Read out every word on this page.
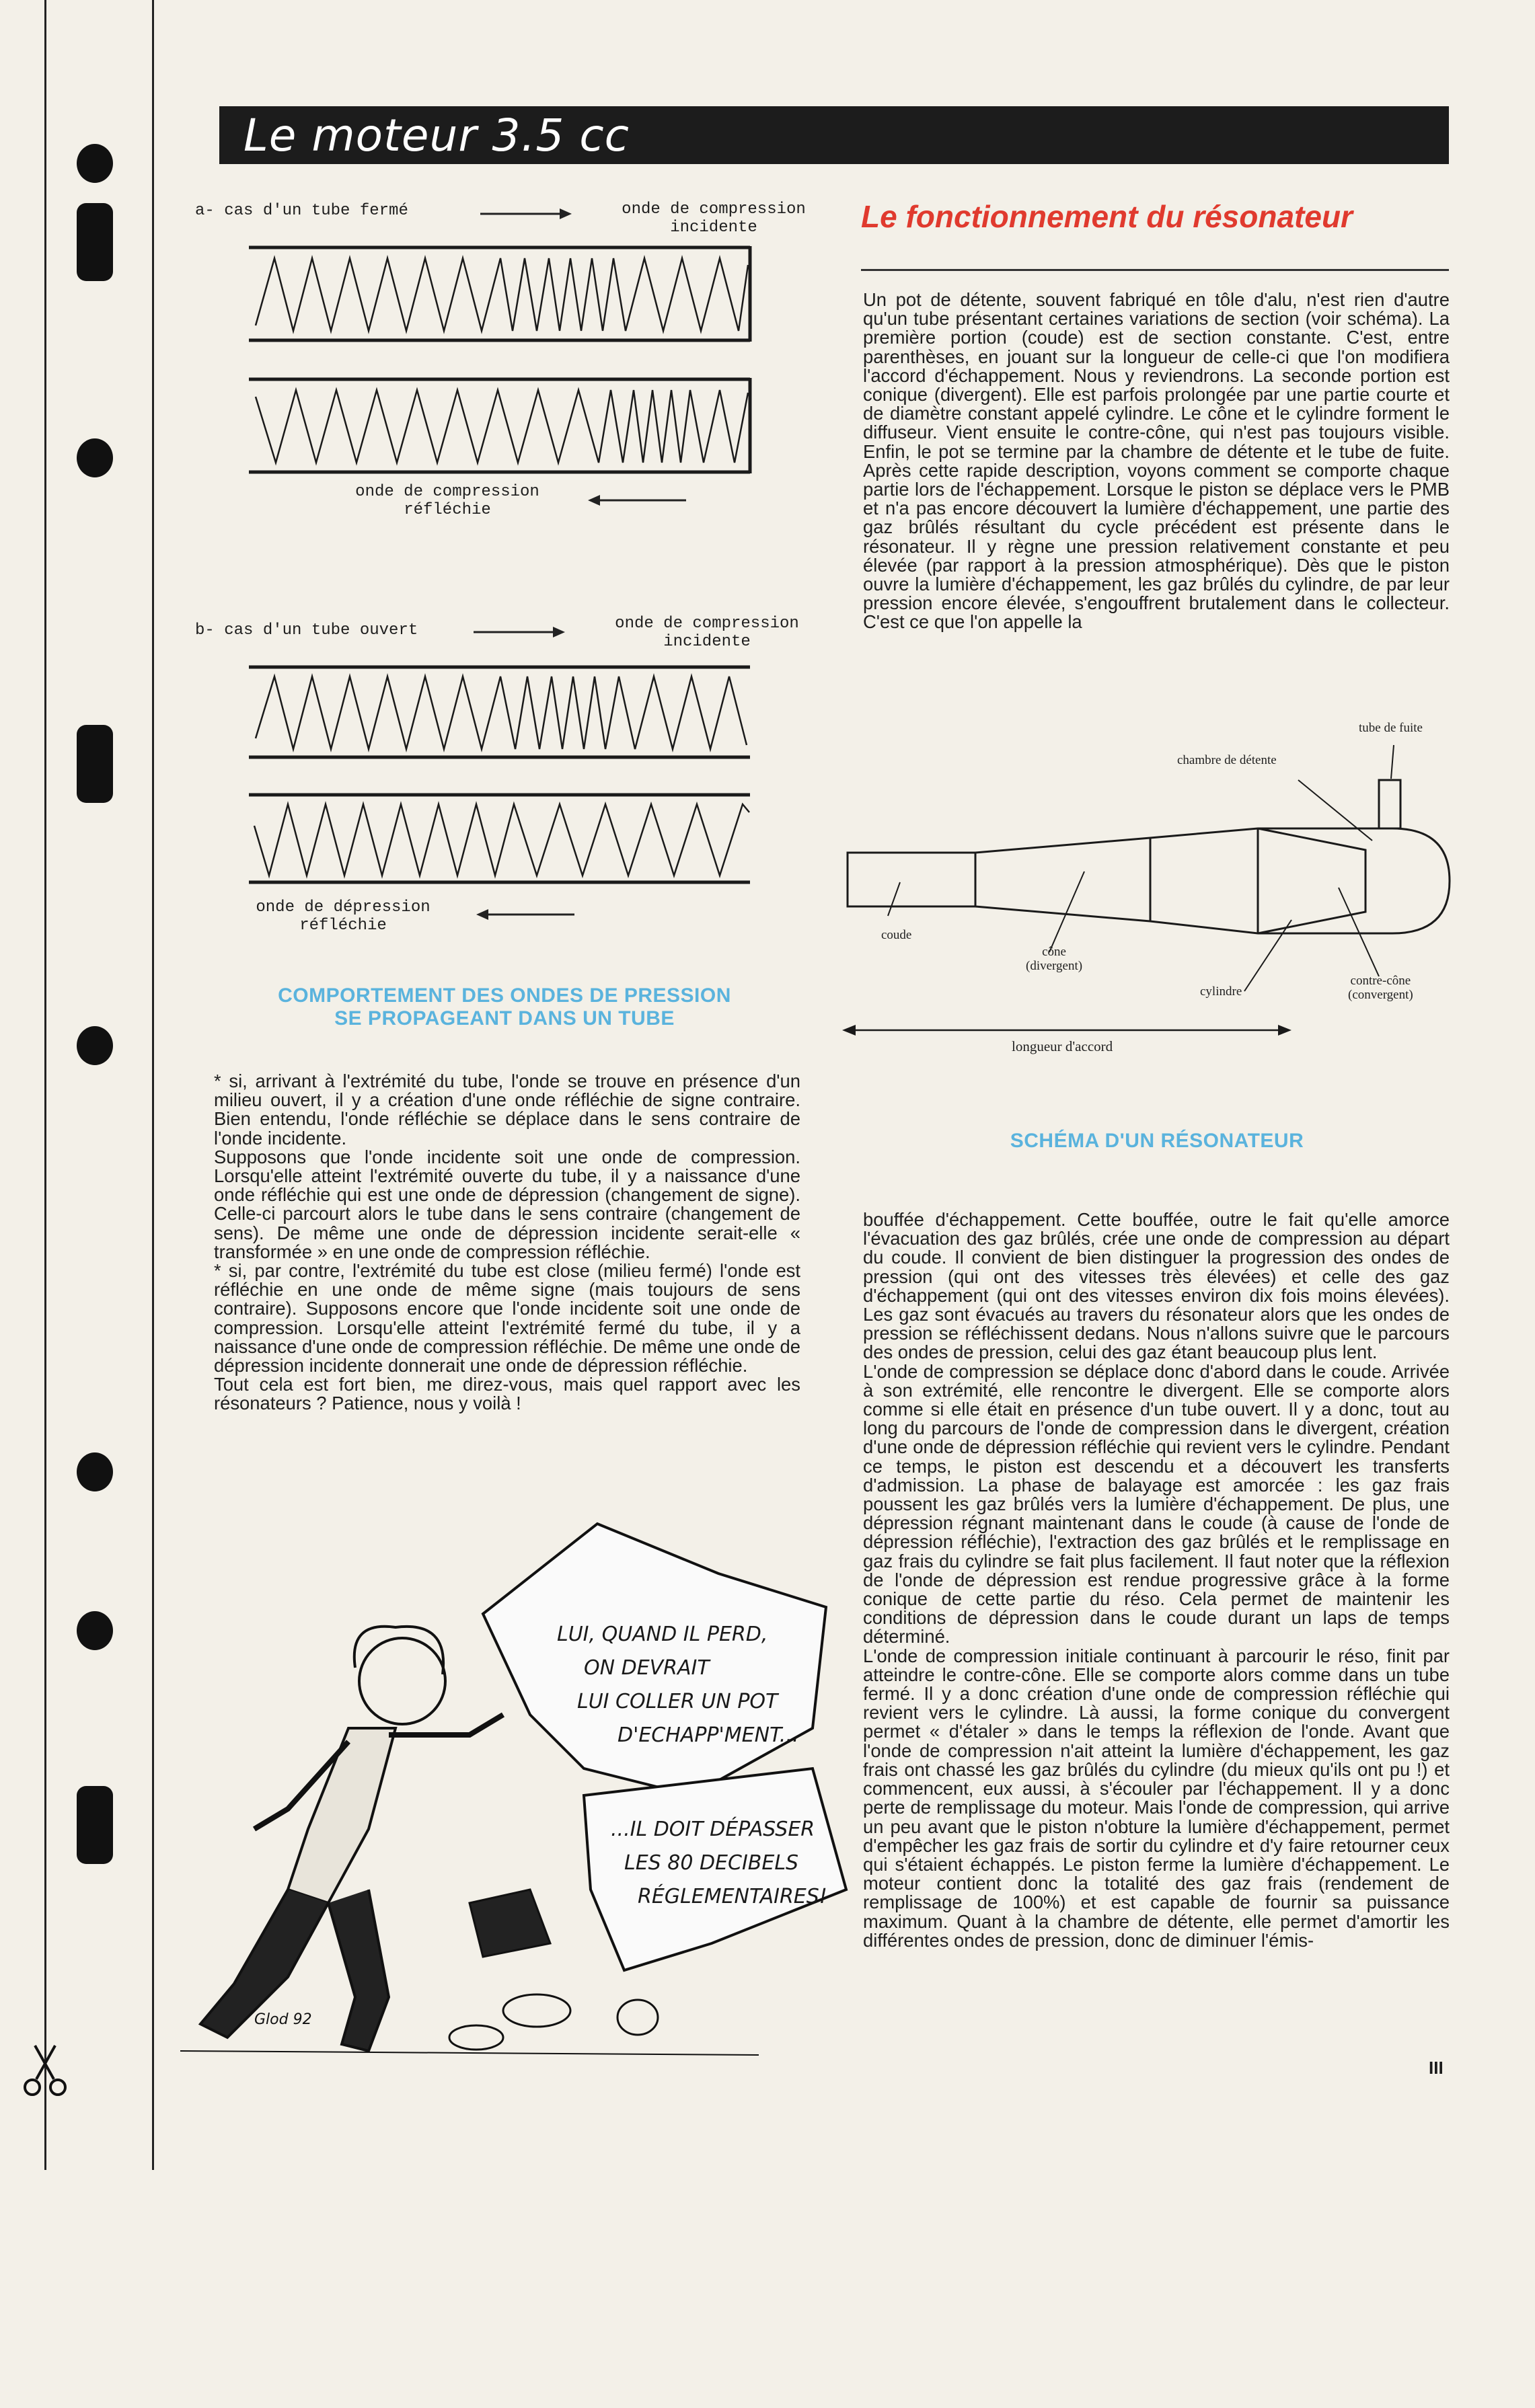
Le moteur 3.5 cc
a- cas d'un tube fermé	onde de compression
incidente
onde de compression
réfléchie
b- cas d'un tube ouvert	onde de compression
incidente
onde de dépression
réfléchie
COMPORTEMENT DES ONDES DE PRESSION
SE PROPAGEANT DANS UN TUBE

* si, arrivant à l'extrémité du tube, l'onde se trouve en présence d'un milieu ouvert, il y a création d'une onde réfléchie de signe contraire. Bien entendu, l'onde réfléchie se déplace dans le sens contraire de l'onde incidente.

Supposons que l'onde incidente soit une onde de compression. Lorsqu'elle atteint l'extrémité ouverte du tube, il y a naissance d'une onde réfléchie qui est une onde de dépression (changement de signe). Celle-ci parcourt alors le tube dans le sens contraire (changement de sens). De même une onde de dépression incidente serait-elle « transformée » en une onde de compression réfléchie.

* si, par contre, l'extrémité du tube est close (milieu fermé) l'onde est réfléchie en une onde de même signe (mais toujours de sens contraire). Supposons encore que l'onde incidente soit une onde de compression. Lorsqu'elle atteint l'extrémité fermé du tube, il y a naissance d'une onde de compression réfléchie. De même une onde de dépression incidente donnerait une onde de dépression réfléchie.

Tout cela est fort bien, me direz-vous, mais quel rapport avec les résonateurs ? Patience, nous y voilà !

Le fonctionnement du résonateur
Un pot de détente, souvent fabriqué en tôle d'alu, n'est rien d'autre qu'un tube présentant certaines variations de section (voir schéma). La première portion (coude) est de section constante. C'est, entre parenthèses, en jouant sur la longueur de celle-ci que l'on modifiera l'accord d'échappement. Nous y reviendrons. La seconde portion est conique (divergent). Elle est parfois prolongée par une partie courte et de diamètre constant appelé cylindre. Le cône et le cylindre forment le diffuseur. Vient ensuite le contre-cône, qui n'est pas toujours visible. Enfin, le pot se termine par la chambre de détente et le tube de fuite. Après cette rapide description, voyons comment se comporte chaque partie lors de l'échappement. Lorsque le piston se déplace vers le PMB et n'a pas encore découvert la lumière d'échappement, une partie des gaz brûlés résultant du cycle précédent est présente dans le résonateur. Il y règne une pression relativement constante et peu élevée (par rapport à la pression atmosphérique). Dès que le piston ouvre la lumière d'échappement, les gaz brûlés du cylindre, de par leur pression encore élevée, s'engouffrent brutalement dans le collecteur. C'est ce que l'on appelle la
tube de fuite
chambre de détente
coude
cône
(divergent)
cylindre
contre-cône
(convergent)
longueur d'accord
SCHÉMA D'UN RÉSONATEUR

bouffée d'échappement. Cette bouffée, outre le fait qu'elle amorce l'évacuation des gaz brûlés, crée une onde de compression au départ du coude. Il convient de bien distinguer la progression des ondes de pression (qui ont des vitesses très élevées) et celle des gaz d'échappement (qui ont des vitesses environ dix fois moins élevées). Les gaz sont évacués au travers du résonateur alors que les ondes de pression se réfléchissent dedans. Nous n'allons suivre que le parcours des ondes de pression, celui des gaz étant beaucoup plus lent.

L'onde de compression se déplace donc d'abord dans le coude. Arrivée à son extrémité, elle rencontre le divergent. Elle se comporte alors comme si elle était en présence d'un tube ouvert. Il y a donc, tout au long du parcours de l'onde de compression dans le divergent, création d'une onde de dépression réfléchie qui revient vers le cylindre. Pendant ce temps, le piston est descendu et a découvert les transferts d'admission. La phase de balayage est amorcée : les gaz frais poussent les gaz brûlés vers la lumière d'échappement. De plus, une dépression régnant maintenant dans le coude (à cause de l'onde de dépression réfléchie), l'extraction des gaz brûlés et le remplissage en gaz frais du cylindre se fait plus facilement. Il faut noter que la réflexion de l'onde de dépression est rendue progressive grâce à la forme conique de cette partie du réso. Cela permet de maintenir les conditions de dépression dans le coude durant un laps de temps déterminé.

L'onde de compression initiale continuant à parcourir le réso, finit par atteindre le contre-cône. Elle se comporte alors comme dans un tube fermé. Il y a donc création d'une onde de compression réfléchie qui revient vers le cylindre. Là aussi, la forme conique du convergent permet « d'étaler » dans le temps la réflexion de l'onde. Avant que l'onde de compression n'ait atteint la lumière d'échappement, les gaz frais ont chassé les gaz brûlés du cylindre (du mieux qu'ils ont pu !) et commencent, eux aussi, à s'écouler par l'échappement. Il y a donc perte de remplissage du moteur. Mais l'onde de compression, qui arrive un peu avant que le piston n'obture la lumière d'échappement, permet d'empêcher les gaz frais de sortir du cylindre et d'y faire retourner ceux qui s'étaient échappés. Le piston ferme la lumière d'échappement. Le moteur contient donc la totalité des gaz frais (rendement de remplissage de 100%) et est capable de fournir sa puissance maximum. Quant à la chambre de détente, elle permet d'amortir les différentes ondes de pression, donc de diminuer l'émis-

LUI, QUAND IL PERD,
ON DEVRAIT
LUI COLLER UN POT
D'ECHAPP'MENT...
...IL DOIT DÉPASSER
LES 80 DECIBELS
RÉGLEMENTAIRES!
Glod 92
III
